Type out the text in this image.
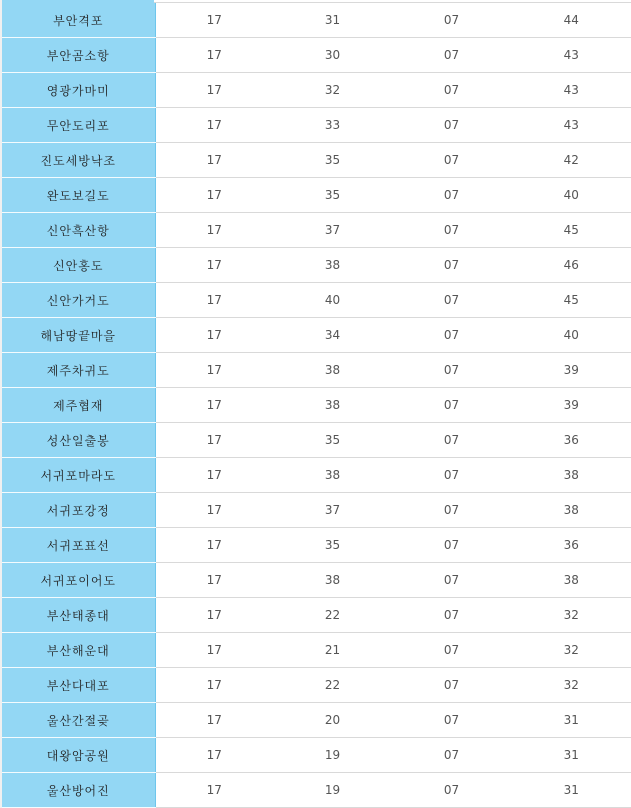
부안격포	17	31	07	44
부안곰소항	17	30	07	43
영광가마미	17	32	07	43
무안도리포	17	33	07	43
진도세방낙조	17	35	07	42
완도보길도	17	35	07	40
신안흑산항	17	37	07	45
신안홍도	17	38	07	46
신안가거도	17	40	07	45
해남땅끝마을	17	34	07	40
제주차귀도	17	38	07	39
제주협재	17	38	07	39
성산일출봉	17	35	07	36
서귀포마라도	17	38	07	38
서귀포강정	17	37	07	38
서귀포표선	17	35	07	36
서귀포이어도	17	38	07	38
부산태종대	17	22	07	32
부산해운대	17	21	07	32
부산다대포	17	22	07	32
울산간절곶	17	20	07	31
대왕암공원	17	19	07	31
울산방어진	17	19	07	31
